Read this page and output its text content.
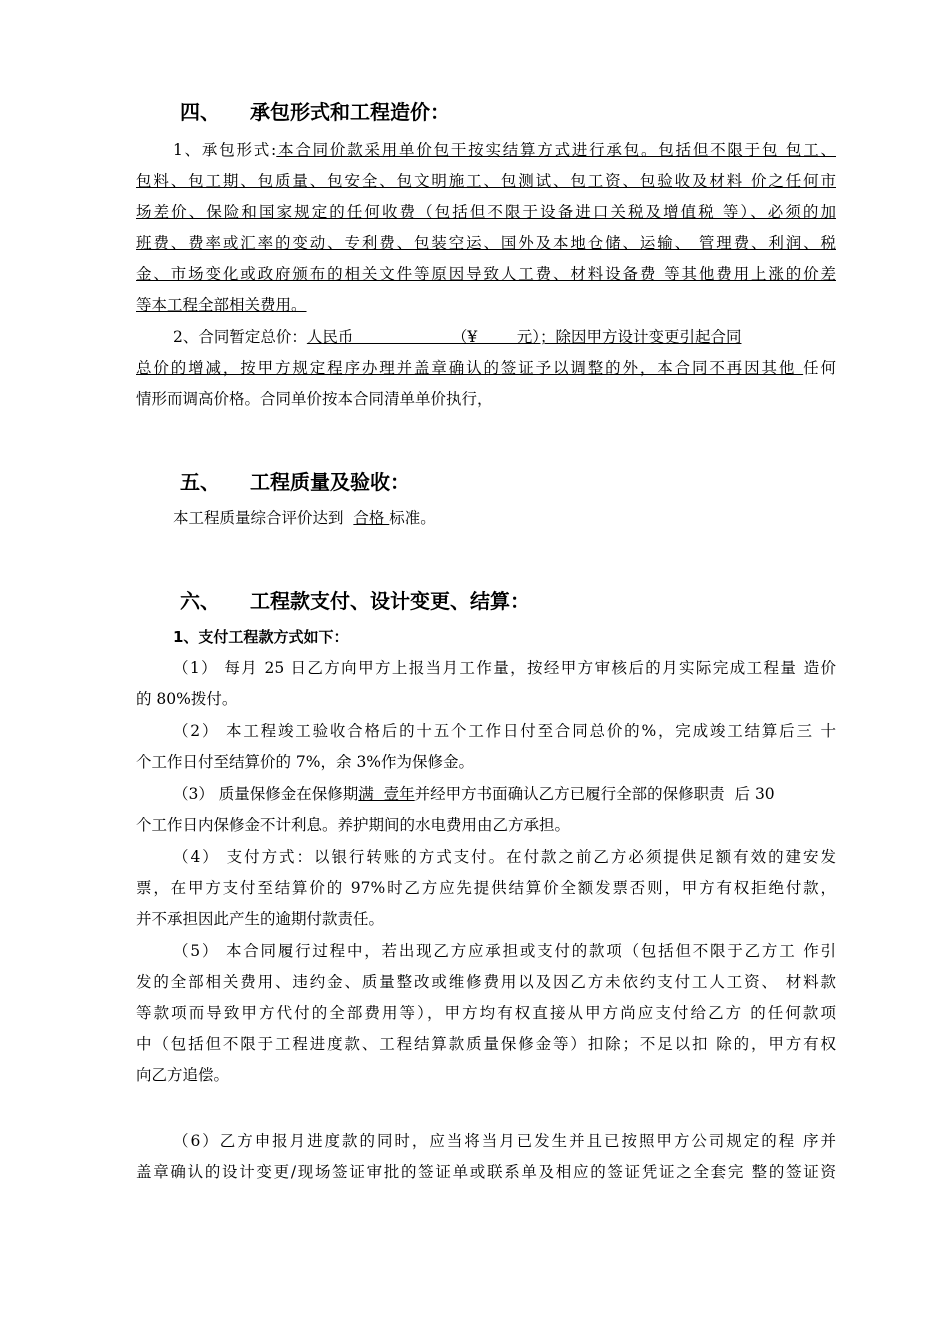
四、 承包形式和工程造价：
1、承包形式:本合同价款采用单价包干按实结算方式进行承包。包括但不限于包 包工、
包料、包工期、包质量、包安全、包文明施工、包测试、包工资、包验收及材料 价之任何市
场差价、保险和国家规定的任何收费（包括但不限于设备进口关税及增值税 等）、必须的加
班费、费率或汇率的变动、专利费、包装空运、国外及本地仓储、运输、 管理费、利润、税
金、市场变化或政府颁布的相关文件等原因导致人工费、材料设备费 等其他费用上涨的价差
等本工程全部相关费用。
2、合同暂定总价：人民币                    （¥        元）；除因甲方设计变更引起合同
总价的增减，按甲方规定程序办理并盖章确认的签证予以调整的外，本合同不再因其他 任何
情形而调高价格。合同单价按本合同清单单价执行，
五、 工程质量及验收：
本工程质量综合评价达到  合格 标准。
六、 工程款支付、设计变更、结算：
1、支付工程款方式如下：
（1） 每月 25 日乙方向甲方上报当月工作量，按经甲方审核后的月实际完成工程量 造价
的 80%拨付。
（2） 本工程竣工验收合格后的十五个工作日付至合同总价的%，完成竣工结算后三 十
个工作日付至结算价的 7%，余 3%作为保修金。
（3） 质量保修金在保修期满  壹年并经甲方书面确认乙方已履行全部的保修职责  后 30
个工作日内保修金不计利息。养护期间的水电费用由乙方承担。
（4） 支付方式：以银行转账的方式支付。在付款之前乙方必须提供足额有效的建安发
票，在甲方支付至结算价的 97%时乙方应先提供结算价全额发票否则，甲方有权拒绝付款，
并不承担因此产生的逾期付款责任。
（5） 本合同履行过程中，若出现乙方应承担或支付的款项（包括但不限于乙方工 作引
发的全部相关费用、违约金、质量整改或维修费用以及因乙方未依约支付工人工资、 材料款
等款项而导致甲方代付的全部费用等），甲方均有权直接从甲方尚应支付给乙方 的任何款项
中（包括但不限于工程进度款、工程结算款质量保修金等）扣除；不足以扣 除的，甲方有权
向乙方追偿。
（6）乙方申报月进度款的同时，应当将当月已发生并且已按照甲方公司规定的程 序并
盖章确认的设计变更/现场签证审批的签证单或联系单及相应的签证凭证之全套完 整的签证资
